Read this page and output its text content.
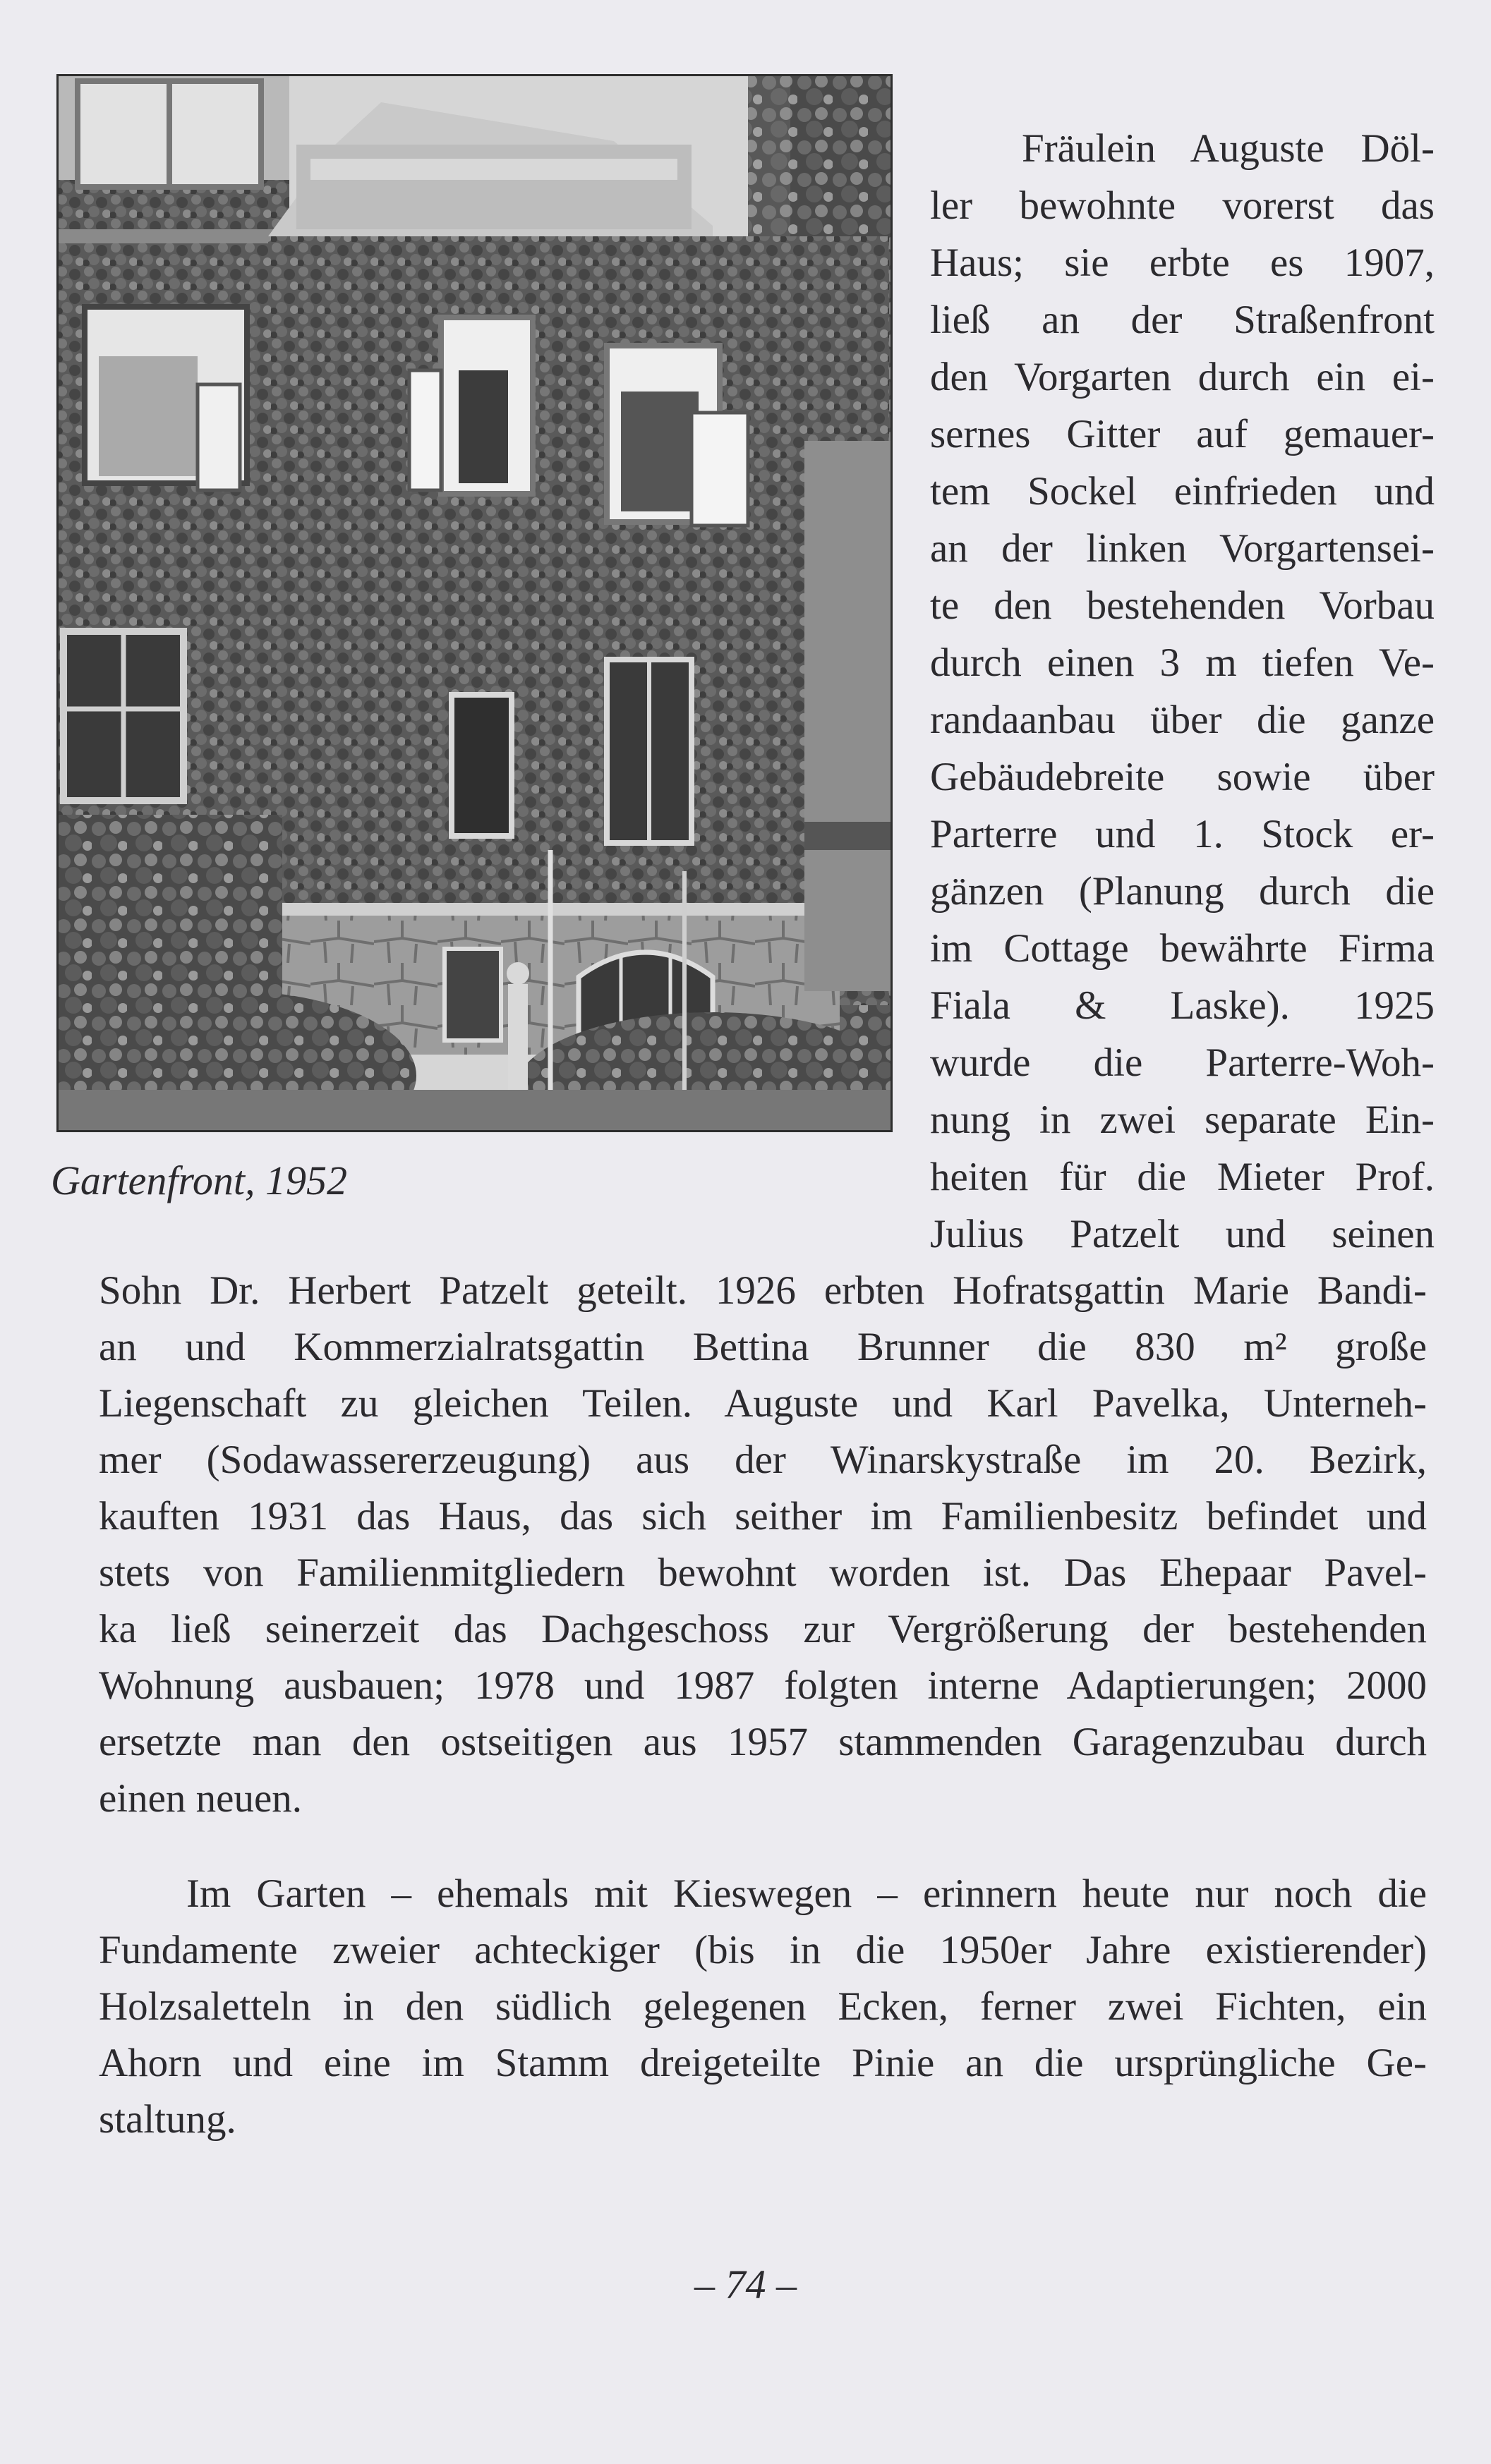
Gartenfront, 1952
Fräulein Auguste Döl-
ler bewohnte vorerst das
Haus; sie erbte es 1907,
ließ an der Straßenfront
den Vorgarten durch ein ei-
sernes Gitter auf gemauer-
tem Sockel einfrieden und
an der linken Vorgartensei-
te den bestehenden Vorbau
durch einen 3 m tiefen Ve-
randaanbau über die ganze
Gebäudebreite sowie über
Parterre und 1. Stock er-
gänzen (Planung durch die
im Cottage bewährte Firma
Fiala & Laske). 1925
wurde die Parterre-Woh-
nung in zwei separate Ein-
heiten für die Mieter Prof.
Julius Patzelt und seinen
Sohn Dr. Herbert Patzelt geteilt. 1926 erbten Hofratsgattin Marie Bandi-
an und Kommerzialratsgattin Bettina Brunner die 830 m² große
Liegenschaft zu gleichen Teilen. Auguste und Karl Pavelka, Unterneh-
mer (Sodawassererzeugung) aus der Winarskystraße im 20. Bezirk,
kauften 1931 das Haus, das sich seither im Familienbesitz befindet und
stets von Familienmitgliedern bewohnt worden ist. Das Ehepaar Pavel-
ka ließ seinerzeit das Dachgeschoss zur Vergrößerung der bestehenden
Wohnung ausbauen; 1978 und 1987 folgten interne Adaptierungen; 2000
ersetzte man den ostseitigen aus 1957 stammenden Garagenzubau durch
einen neuen.
Im Garten – ehemals mit Kieswegen – erinnern heute nur noch die
Fundamente zweier achteckiger (bis in die 1950er Jahre existierender)
Holzsaletteln in den südlich gelegenen Ecken, ferner zwei Fichten, ein
Ahorn und eine im Stamm dreigeteilte Pinie an die ursprüngliche Ge-
staltung.
– 74 –
